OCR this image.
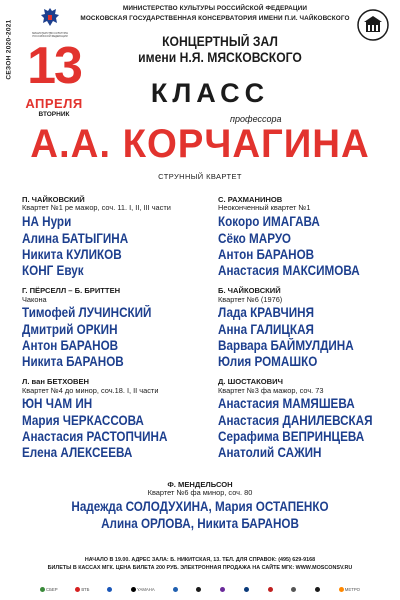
СЕЗОН 2020-2021	МИНИСТЕРСТВО КУЛЬТУРЫ РОССИЙСКОЙ ФЕДЕРАЦИИ
МИНИСТЕРСТВО КУЛЬТУРЫ РОССИЙСКОЙ ФЕДЕРАЦИИ
МОСКОВСКАЯ ГОСУДАРСТВЕННАЯ КОНСЕРВАТОРИЯ ИМЕНИ П.И. ЧАЙКОВСКОГО
13
АПРЕЛЯ
ВТОРНИК
КОНЦЕРТНЫЙ ЗАЛ
имени Н.Я. МЯСКОВСКОГО
КЛАСС
профессора
А.А. КОРЧАГИНА
СТРУННЫЙ КВАРТЕТ
П. ЧАЙКОВСКИЙ
Квартет №1 ре мажор, соч. 11. I, II, III части
НА Нури
Алина БАТЫГИНА
Никита КУЛИКОВ
КОНГ Евук
Г. ПЁРСЕЛЛ – Б. БРИТТЕН
Чакона
Тимофей ЛУЧИНСКИЙ
Дмитрий ОРКИН
Антон БАРАНОВ
Никита БАРАНОВ
Л. ван БЕТХОВЕН
Квартет №4 до минор, соч.18. I, II части
ЮН ЧАМ ИН
Мария ЧЕРКАССОВА
Анастасия РАСТОПЧИНА
Елена АЛЕКСЕЕВА
С. РАХМАНИНОВ
Неоконченный квартет №1
Кокоро ИМАГАВА
Сёко МАРУО
Антон БАРАНОВ
Анастасия МАКСИМОВА
Б. ЧАЙКОВСКИЙ
Квартет №6 (1976)
Лада КРАВЧИНЯ
Анна ГАЛИЦКАЯ
Варвара БАЙМУЛДИНА
Юлия РОМАШКО
Д. ШОСТАКОВИЧ
Квартет №3 фа мажор, соч. 73
Анастасия МАМЯШЕВА
Анастасия ДАНИЛЕВСКАЯ
Серафима ВЕПРИНЦЕВА
Анатолий САЖИН
Ф. МЕНДЕЛЬСОН
Квартет №6 фа минор, соч. 80
Надежда СОЛОДУХИНА, Мария ОСТАПЕНКО
Алина ОРЛОВА, Никита БАРАНОВ
НАЧАЛО В 19.00. АДРЕС ЗАЛА: Б. НИКИТСКАЯ, 13. ТЕЛ. ДЛЯ СПРАВОК: (495) 629-9168
БИЛЕТЫ В КАССАХ МГК. ЦЕНА БИЛЕТА 200 РУБ. ЭЛЕКТРОННАЯ ПРОДАЖА НА САЙТЕ МГК: WWW.MOSCONSV.RU
СБЕР	ВТБ	YAMAHA	МЕТРО
